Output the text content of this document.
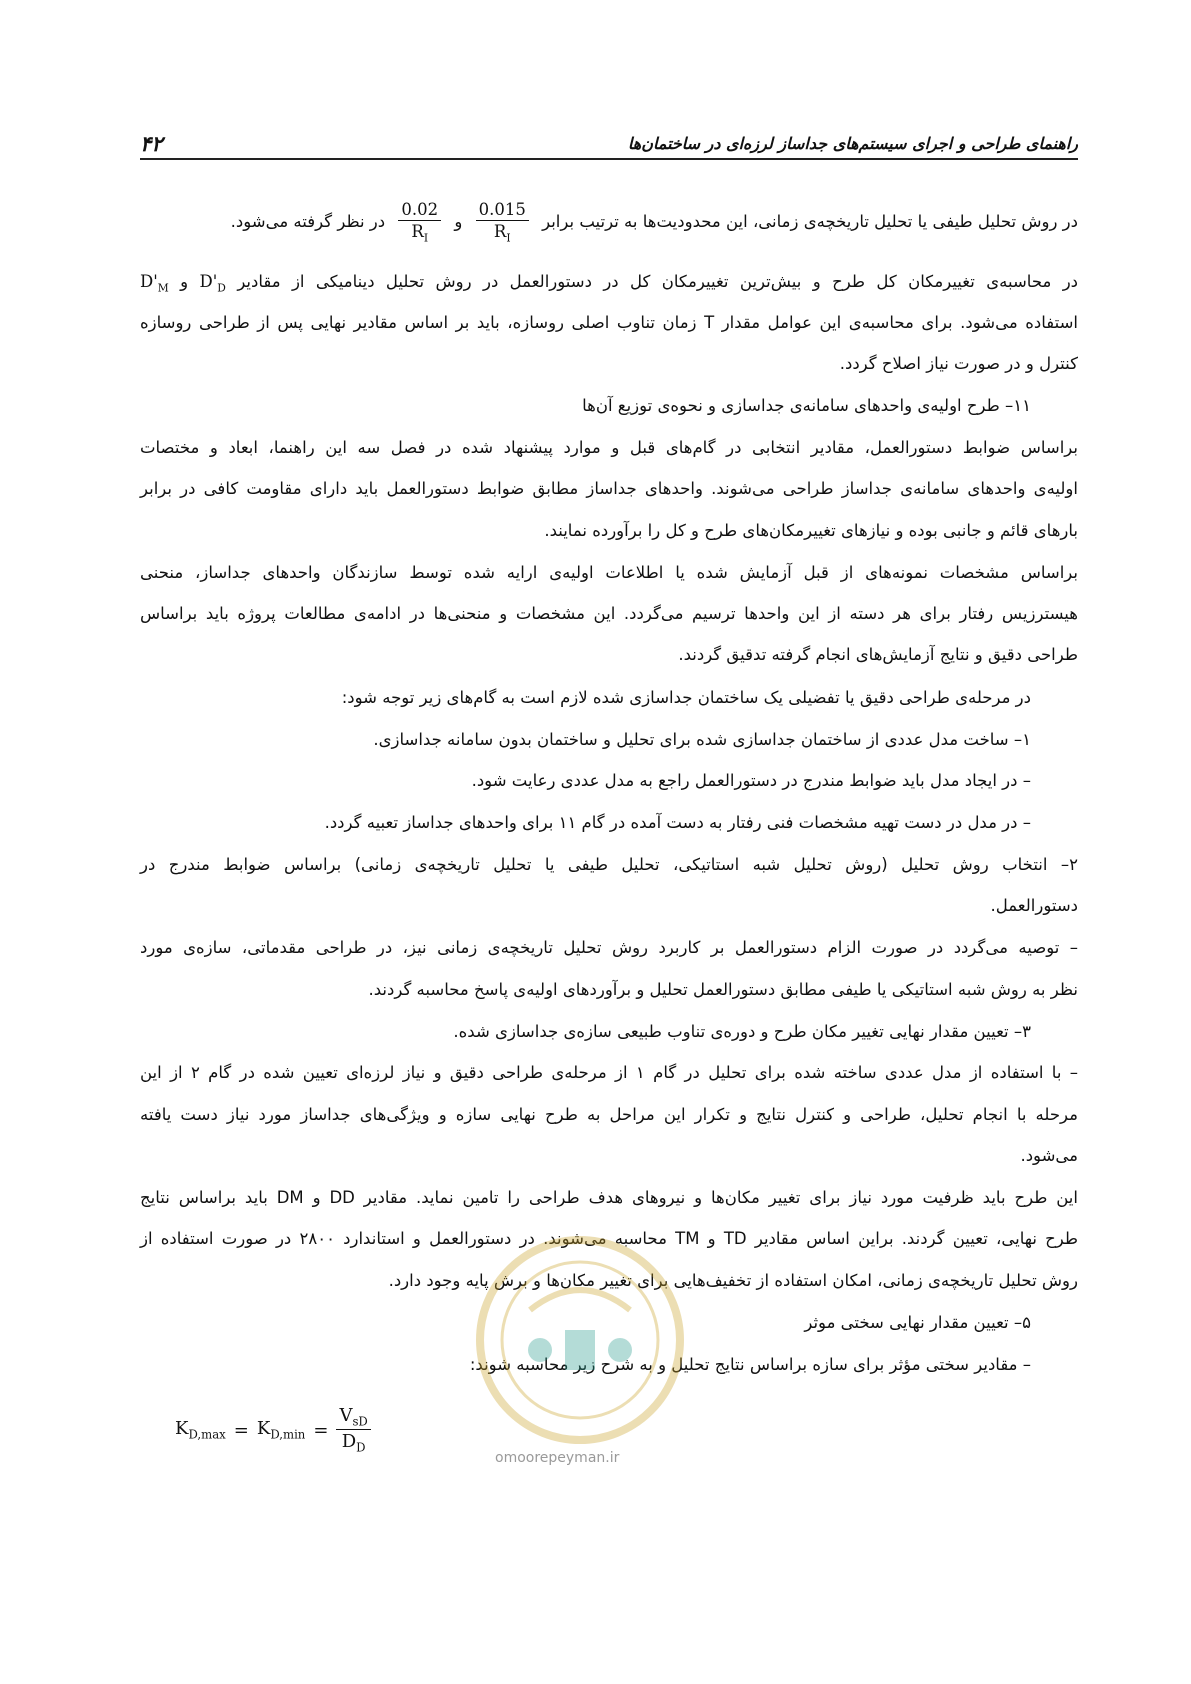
۴۲	راهنمای طراحی و اجرای سیستم‌های جداساز لرزه‌ای در ساختمان‌ها
در روش تحلیل طیفی یا تحلیل تاریخچه‌ی زمانی، این محدودیت‌ها به ترتیب برابر
$\frac{0.015}{R_I}$
و
$\frac{0.02}{R_I}$
در نظر گرفته می‌شود.
در محاسبه‌ی تغییرمکان کل طرح و بیش‌ترین تغییرمکان کل در دستورالعمل در روش تحلیل دینامیکی از مقادیر $D'_D$ و $D'_M$
استفاده می‌شود. برای محاسبه‌ی این عوامل مقدار T زمان تناوب اصلی روسازه، باید بر اساس مقادیر نهایی پس از طراحی روسازه
کنترل و در صورت نیاز اصلاح گردد.
۱۱– طرح اولیه‌ی واحدهای سامانه‌ی جداسازی و نحوه‌ی توزیع آن‌ها
براساس ضوابط دستورالعمل، مقادیر انتخابی در گام‌های قبل و موارد پیشنهاد شده در فصل سه این راهنما، ابعاد و مختصات
اولیه‌ی واحدهای سامانه‌ی جداساز طراحی می‌شوند. واحدهای جداساز مطابق ضوابط دستورالعمل باید دارای مقاومت کافی در برابر
بارهای قائم و جانبی بوده و نیازهای تغییرمکان‌های طرح و کل را برآورده نمایند.
براساس مشخصات نمونه‌های از قبل آزمایش شده یا اطلاعات اولیه‌ی ارایه شده توسط سازندگان واحدهای جداساز، منحنی
هیسترزیس رفتار برای هر دسته از این واحدها ترسیم می‌گردد. این مشخصات و منحنی‌ها در ادامه‌ی مطالعات پروژه باید براساس
طراحی دقیق و نتایج آزمایش‌های انجام گرفته تدقیق گردند.
در مرحله‌ی طراحی دقیق یا تفضیلی یک ساختمان جداسازی شده لازم است به گام‌های زیر توجه شود:
۱– ساخت مدل عددی از ساختمان جداسازی شده برای تحلیل و ساختمان بدون سامانه جداسازی.
– در ایجاد مدل باید ضوابط مندرج در دستورالعمل راجع به مدل عددی رعایت شود.
– در مدل در دست تهیه مشخصات فنی رفتار به دست آمده در گام ۱۱ برای واحدهای جداساز تعبیه گردد.
۲– انتخاب روش تحلیل (روش تحلیل شبه استاتیکی، تحلیل طیفی یا تحلیل تاریخچه‌ی زمانی) براساس ضوابط مندرج در
دستورالعمل.
– توصیه می‌گردد در صورت الزام دستورالعمل بر کاربرد روش تحلیل تاریخچه‌ی زمانی نیز، در طراحی مقدماتی، سازه‌ی مورد
نظر به روش شبه استاتیکی یا طیفی مطابق دستورالعمل تحلیل و برآوردهای اولیه‌ی پاسخ محاسبه گردند.
۳– تعیین مقدار نهایی تغییر مکان طرح و دوره‌ی تناوب طبیعی سازه‌ی جداسازی شده.
– با استفاده از مدل عددی ساخته شده برای تحلیل در گام ۱ از مرحله‌ی طراحی دقیق و نیاز لرزه‌ای تعیین شده در گام ۲ از این
مرحله با انجام تحلیل، طراحی و کنترل نتایج و تکرار این مراحل به طرح نهایی سازه و ویژگی‌های جداساز مورد نیاز دست یافته
می‌شود.
این طرح باید ظرفیت مورد نیاز برای تغییر مکان‌ها و نیروهای هدف طراحی را تامین نماید. مقادیر DD و DM باید براساس نتایج
طرح نهایی، تعیین گردند. براین اساس مقادیر TD و TM محاسبه می‌شوند. در دستورالعمل و استاندارد ۲۸۰۰ در صورت استفاده از
روش تحلیل تاریخچه‌ی زمانی، امکان استفاده از تخفیف‌هایی برای تغییر مکان‌ها و برش پایه وجود دارد.
۵– تعیین مقدار نهایی سختی موثر
– مقادیر سختی مؤثر برای سازه براساس نتایج تحلیل و به شرح زیر محاسبه شوند:
omoorepeyman.ir
$K_{D,max} = K_{D,min} = \frac{V_{sD}}{D_D}$
